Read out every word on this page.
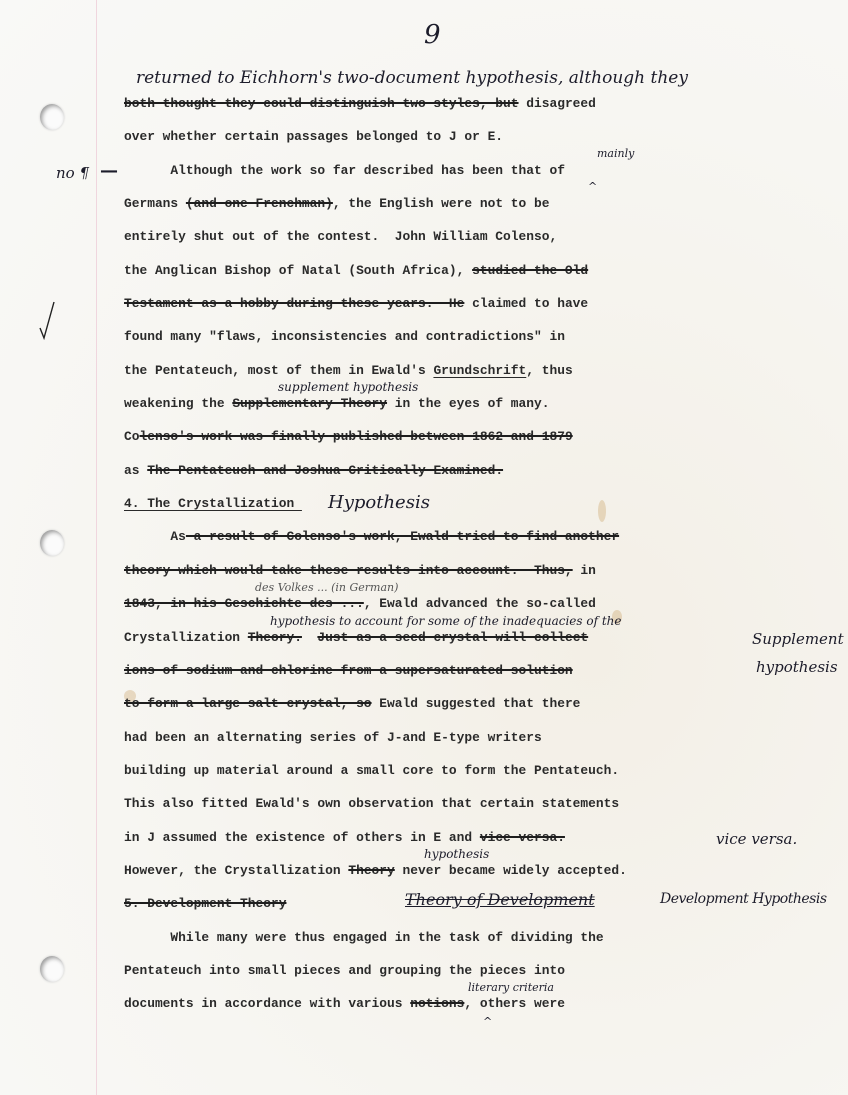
9
both thought they could distinguish two styles, but disagreed
over whether certain passages belonged to J or E.
Although the work so far described has been that of
Germans (and one Frenchman), the English were not to be
entirely shut out of the contest.  John William Colenso,
the Anglican Bishop of Natal (South Africa), studied the Old
Testament as a hobby during these years.  He claimed to have
found many "flaws, inconsistencies and contradictions" in
the Pentateuch, most of them in Ewald's Grundschrift, thus
weakening the Supplementary Theory in the eyes of many.
Colenso's work was finally published between 1862 and 1879
as The Pentateuch and Joshua Critically Examined.
4. The Crystallization
As a result of Colenso's work, Ewald tried to find another
theory which would take these results into account.  Thus, in
1843, in his Geschichte des ..., Ewald advanced the so-called
Crystallization Theory. Just as a seed crystal will collect
ions of sodium and chlorine from a supersaturated solution
to form a large salt crystal, so Ewald suggested that there
had been an alternating series of J-and E-type writers
building up material around a small core to form the Pentateuch.
This also fitted Ewald's own observation that certain statements
in J assumed the existence of others in E and vice versa.
However, the Crystallization Theory never became widely accepted.
5. Development Theory
While many were thus engaged in the task of dividing the
Pentateuch into small pieces and grouping the pieces into
documents in accordance with various notions, others were
returned to Eichhorn's two-document hypothesis, although they
mainly
^
no ¶ —
supplement hypothesis
Hypothesis
des Volkes ... (in German)
hypothesis to account for some of the inadequacies of the
Supplement
hypothesis
vice versa.
hypothesis
Theory of Development	Development Hypothesis
literary criteria
^
